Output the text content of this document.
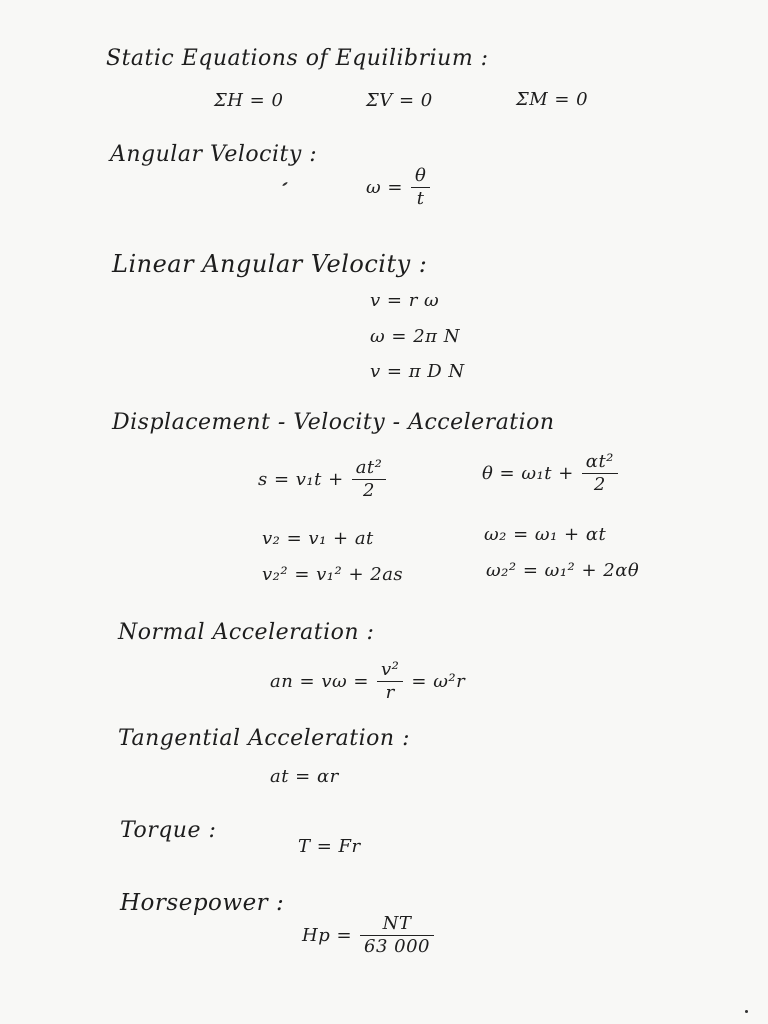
Static Equations of Equilibrium :
ΣH = 0	ΣV = 0	ΣM = 0
Angular Velocity :
$\omega = \frac{\theta}{t}$
Linear Angular Velocity :
v = r ω
ω = 2π N
v = π D N
Displacement - Velocity - Acceleration
$s = v_1t + \frac{\text{at²}}{2}$	$\theta = \omega_1t + \frac{\text{αt²}}{2}$
v₂ = v₁ + at	ω₂ = ω₁ + αt
v₂² = v₁² + 2as	ω₂² = ω₁² + 2αθ
Normal Acceleration :
an = $v\omega = \frac{\text{v²}}{r} = \omega^2r$
Tangential Acceleration :
at = αr
Torque :
T = Fr
Horsepower :
$Hp = \frac{NT}{63 000}$
